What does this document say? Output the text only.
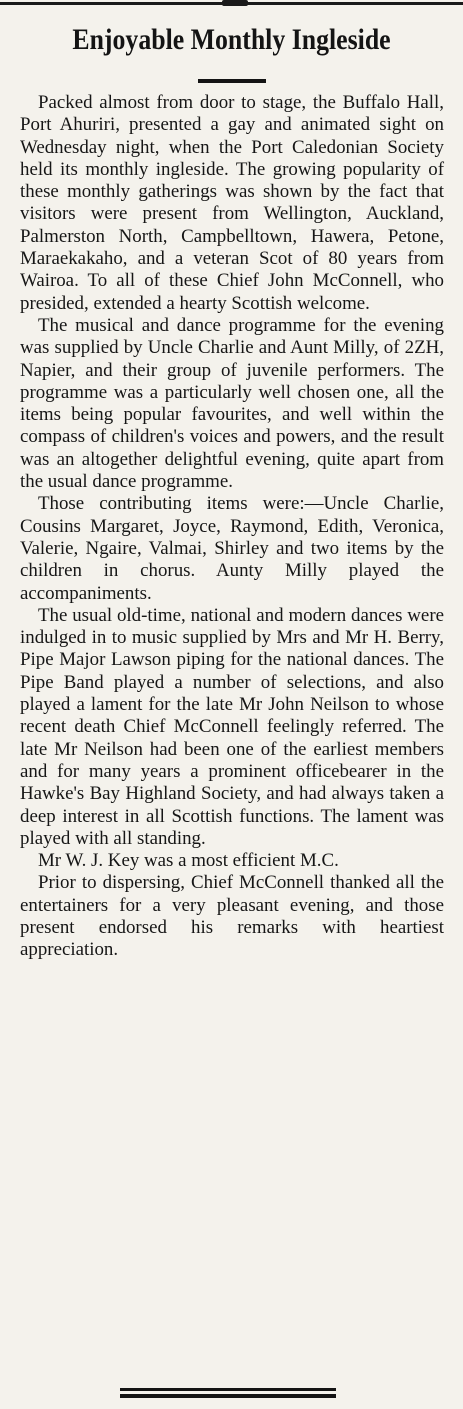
Enjoyable Monthly Ingleside

Packed almost from door to stage, the Buffalo Hall, Port Ahuriri, presented a gay and animated sight on Wednesday night, when the Port Caledonian Society held its monthly ingleside. The growing popularity of these monthly gatherings was shown by the fact that visitors were present from Wellington, Auckland, Palmerston North, Campbelltown, Hawera, Petone, Maraekakaho, and a veteran Scot of 80 years from Wairoa. To all of these Chief John McConnell, who presided, extended a hearty Scottish welcome.

The musical and dance programme for the evening was supplied by Uncle Charlie and Aunt Milly, of 2ZH, Napier, and their group of juvenile performers. The programme was a particularly well chosen one, all the items being popular favourites, and well within the compass of children's voices and powers, and the result was an altogether delightful evening, quite apart from the usual dance programme.

Those contributing items were:—Uncle Charlie, Cousins Margaret, Joyce, Raymond, Edith, Veronica, Valerie, Ngaire, Valmai, Shirley and two items by the children in chorus. Aunty Milly played the accompaniments.

The usual old-time, national and modern dances were indulged in to music supplied by Mrs and Mr H. Berry, Pipe Major Lawson piping for the national dances. The Pipe Band played a number of selections, and also played a lament for the late Mr John Neilson to whose recent death Chief McConnell feelingly referred. The late Mr Neilson had been one of the earliest members and for many years a prominent officebearer in the Hawke's Bay Highland Society, and had always taken a deep interest in all Scottish functions. The lament was played with all standing.

Mr W. J. Key was a most efficient M.C.

Prior to dispersing, Chief McConnell thanked all the entertainers for a very pleasant evening, and those present endorsed his remarks with heartiest appreciation.
